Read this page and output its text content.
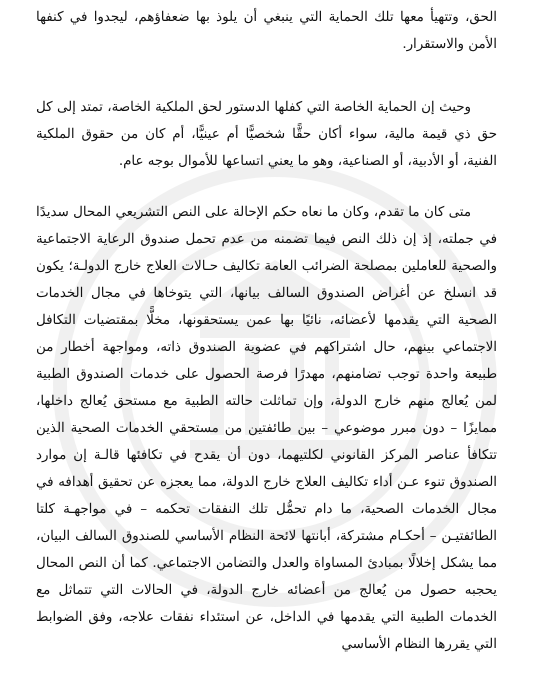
الحق، وتتهيأ معها تلك الحماية التي ينبغي أن يلوذ بها ضعفاؤهم، ليجدوا في كنفها الأمن والاستقرار.

وحيث إن الحماية الخاصة التي كفلها الدستور لحق الملكية الخاصة، تمتد إلى كل حق ذي قيمة مالية، سواء أكان حقًّا شخصيًّا أم عينيًّا، أم كان من حقوق الملكية الفنية، أو الأدبية، أو الصناعية، وهو ما يعني اتساعها للأموال بوجه عام.

متى كان ما تقدم، وكان ما نعاه حكم الإحالة على النص التشريعي المحال سديدًا في جملته، إذ إن ذلك النص فيما تضمنه من عدم تحمل صندوق الرعاية الاجتماعية والصحية للعاملين بمصلحة الضرائب العامة تكاليف حـالات العلاج خارج الدولـة؛ يكون قد انسلخ عن أغراض الصندوق السالف بيانها، التي يتوخاها في مجال الخدمات الصحية التي يقدمها لأعضائه، نائيًا بها عمن يستحقونها، مخلًّا بمقتضيات التكافل الاجتماعي بينهم، حال اشتراكهم في عضوية الصندوق ذاته، ومواجهة أخطار من طبيعة واحدة توجب تضامنهم، مهدرًا فرصة الحصول على خدمات الصندوق الطبية لمن يُعالج منهم خارج الدولة، وإن تماثلت حالته الطبية مع مستحق يُعالج داخلها، ممايزًا – دون مبرر موضوعي – بين طائفتين من مستحقي الخدمات الصحية الذين تتكافأ عناصر المركز القانوني لكلتيهما، دون أن يقدح في تكافئها قالـة إن موارد الصندوق تنوء عـن أداء تكاليف العلاج خارج الدولة، مما يعجزه عن تحقيق أهدافه في مجال الخدمات الصحية، ما دام تحمُّل تلك النفقات تحكمه – في مواجهـة كلتا الطائفتيـن – أحكـام مشتركة، أبانتها لائحة النظام الأساسي للصندوق السالف البيان، مما يشكل إخلالًا بمبادئ المساواة والعدل والتضامن الاجتماعي. كما أن النص المحال يحجبه حصول من يُعالج من أعضائه خارج الدولة، في الحالات التي تتماثل مع الخدمات الطبية التي يقدمها في الداخل، عن استئداء نفقات علاجه، وفق الضوابط التي يقررها النظام الأساسي
